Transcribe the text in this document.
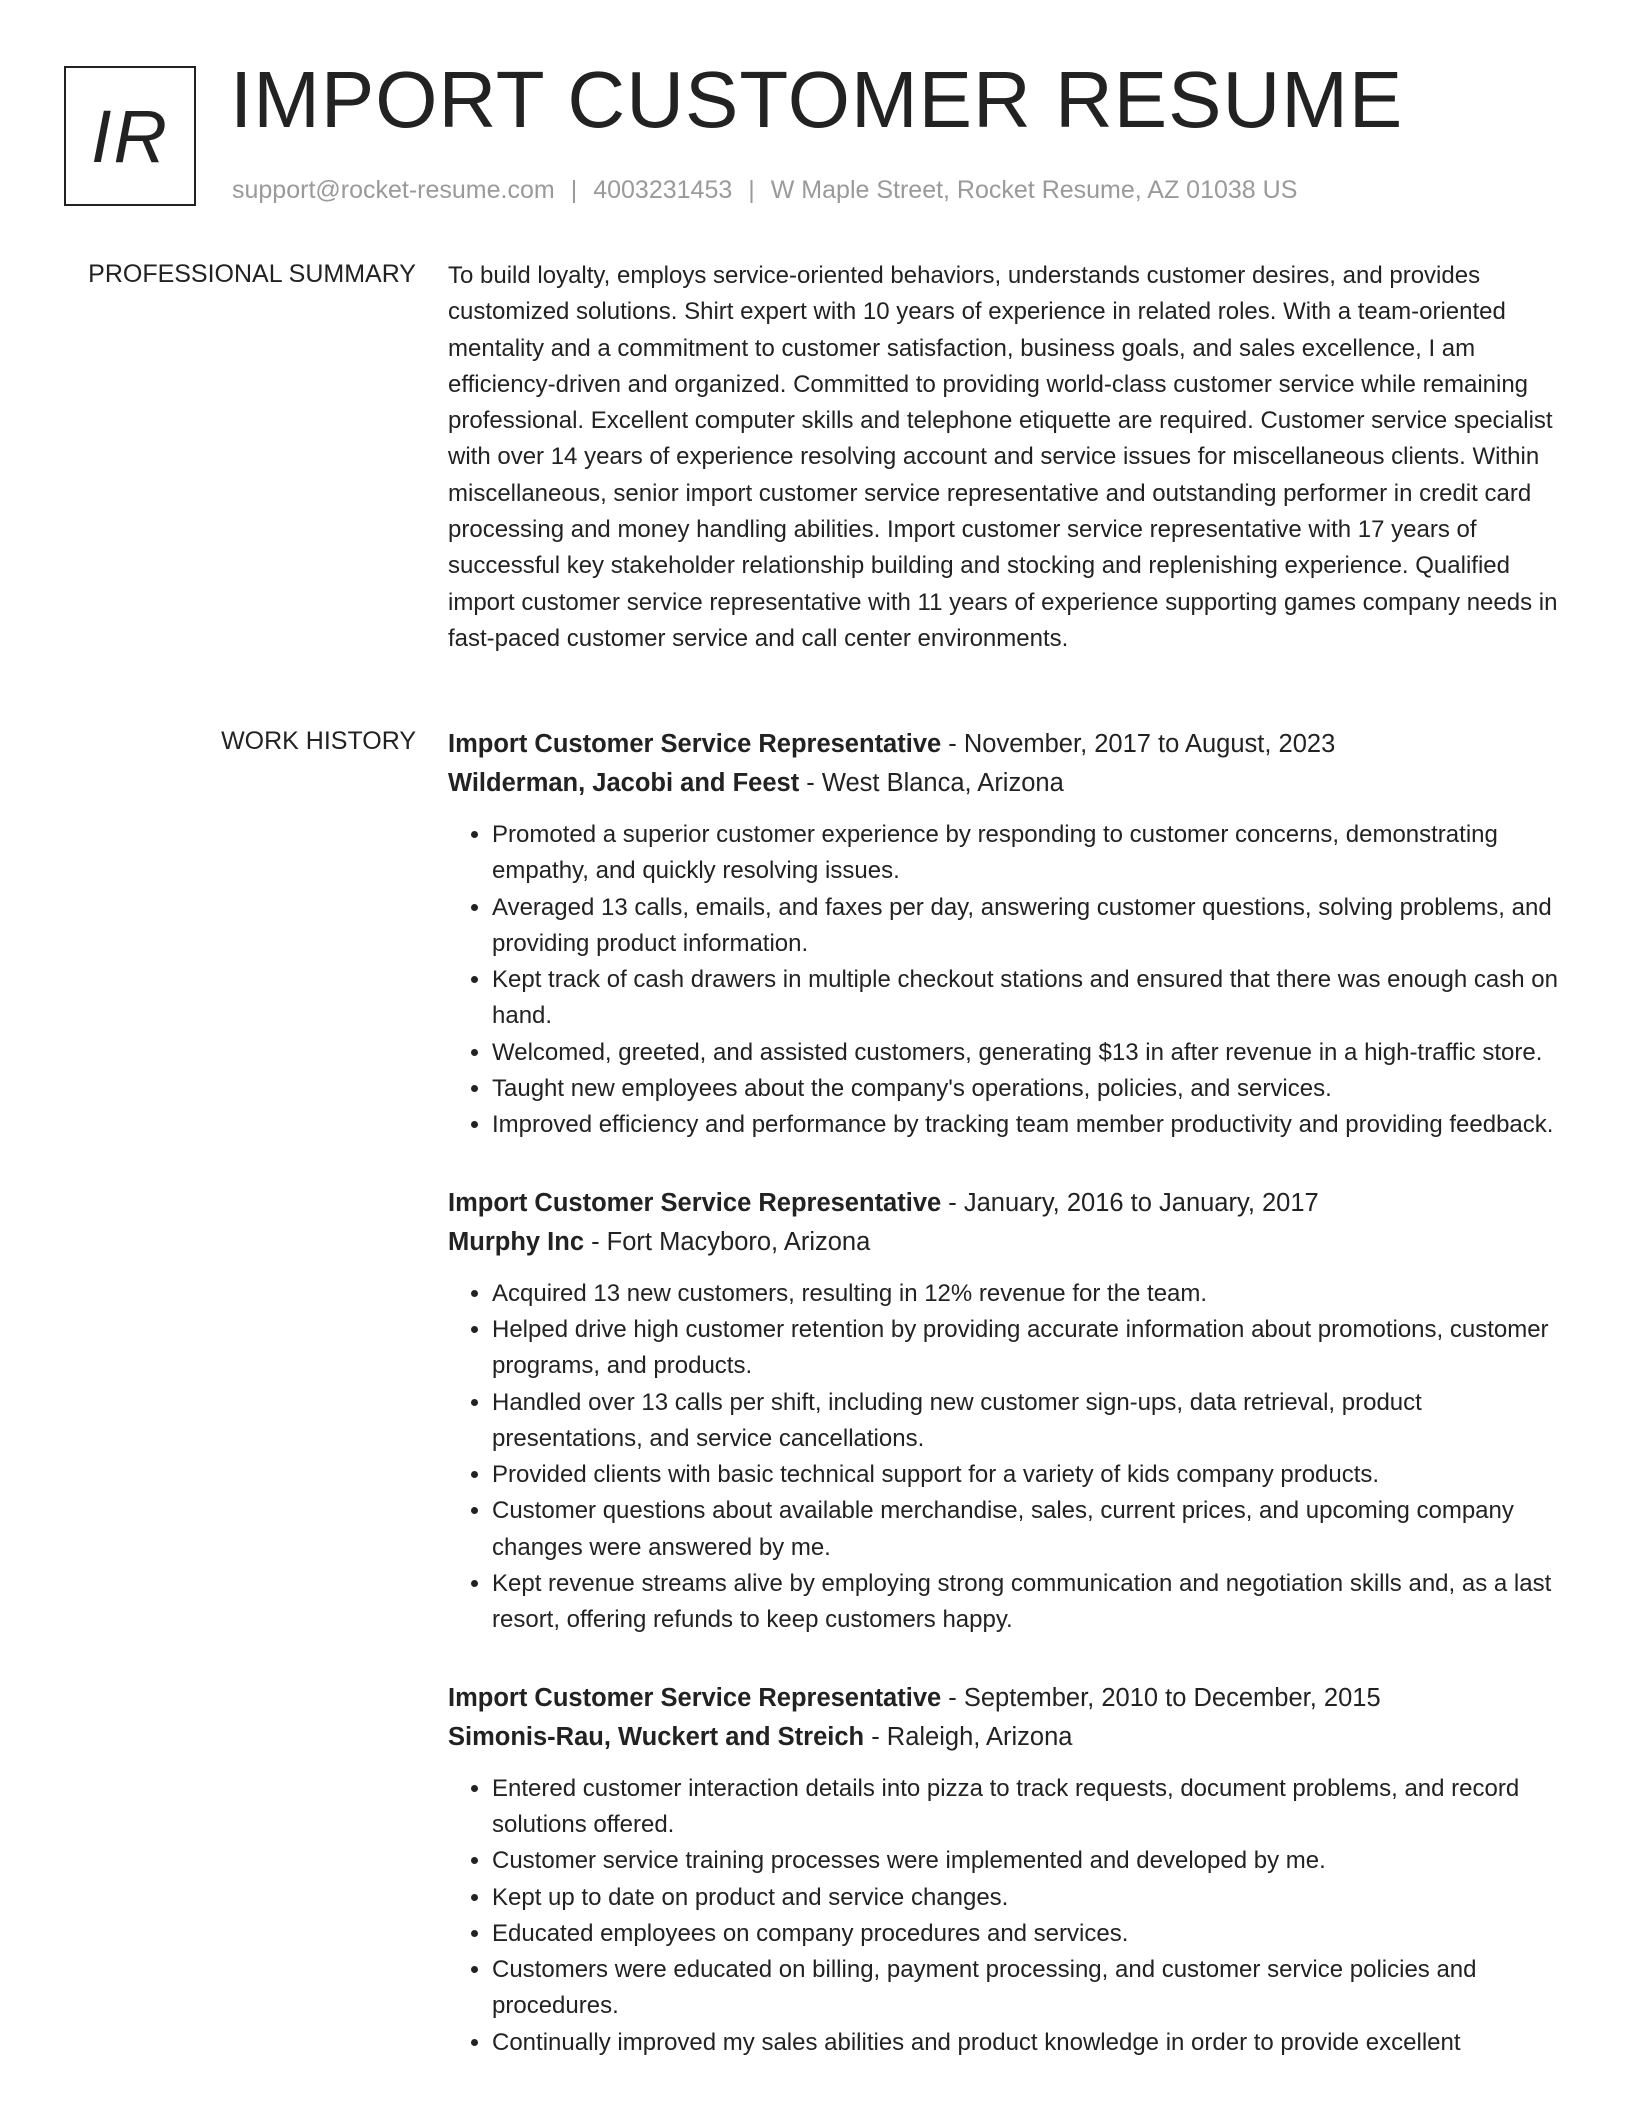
IR IMPORT CUSTOMER RESUME
support@rocket-resume.com | 4003231453 | W Maple Street, Rocket Resume, AZ 01038 US
PROFESSIONAL SUMMARY To build loyalty, employs service-oriented behaviors, understands customer desires, and provides customized solutions. Shirt expert with 10 years of experience in related roles. With a team-oriented mentality and a commitment to customer satisfaction, business goals, and sales excellence, I am efficiency-driven and organized. Committed to providing world-class customer service while remaining professional. Excellent computer skills and telephone etiquette are required. Customer service specialist with over 14 years of experience resolving account and service issues for miscellaneous clients. Within miscellaneous, senior import customer service representative and outstanding performer in credit card processing and money handling abilities. Import customer service representative with 17 years of successful key stakeholder relationship building and stocking and replenishing experience. Qualified import customer service representative with 11 years of experience supporting games company needs in fast-paced customer service and call center environments.

WORK HISTORY Import Customer Service Representative - November, 2017 to August, 2023
Wilderman, Jacobi and Feest - West Blanca, Arizona
• Promoted a superior customer experience by responding to customer concerns, demonstrating empathy, and quickly resolving issues.
• Averaged 13 calls, emails, and faxes per day, answering customer questions, solving problems, and providing product information.
• Kept track of cash drawers in multiple checkout stations and ensured that there was enough cash on hand.
• Welcomed, greeted, and assisted customers, generating $13 in after revenue in a high-traffic store.
• Taught new employees about the company's operations, policies, and services.
• Improved efficiency and performance by tracking team member productivity and providing feedback.
Import Customer Service Representative - January, 2016 to January, 2017
Murphy Inc - Fort Macyboro, Arizona
• Acquired 13 new customers, resulting in 12% revenue for the team.
• Helped drive high customer retention by providing accurate information about promotions, customer programs, and products.
• Handled over 13 calls per shift, including new customer sign-ups, data retrieval, product presentations, and service cancellations.
• Provided clients with basic technical support for a variety of kids company products.
• Customer questions about available merchandise, sales, current prices, and upcoming company changes were answered by me.
• Kept revenue streams alive by employing strong communication and negotiation skills and, as a last resort, offering refunds to keep customers happy.
Import Customer Service Representative - September, 2010 to December, 2015
Simonis-Rau, Wuckert and Streich - Raleigh, Arizona
• Entered customer interaction details into pizza to track requests, document problems, and record solutions offered.
• Customer service training processes were implemented and developed by me.
• Kept up to date on product and service changes.
• Educated employees on company procedures and services.
• Customers were educated on billing, payment processing, and customer service policies and procedures.
• Continually improved my sales abilities and product knowledge in order to provide excellent
